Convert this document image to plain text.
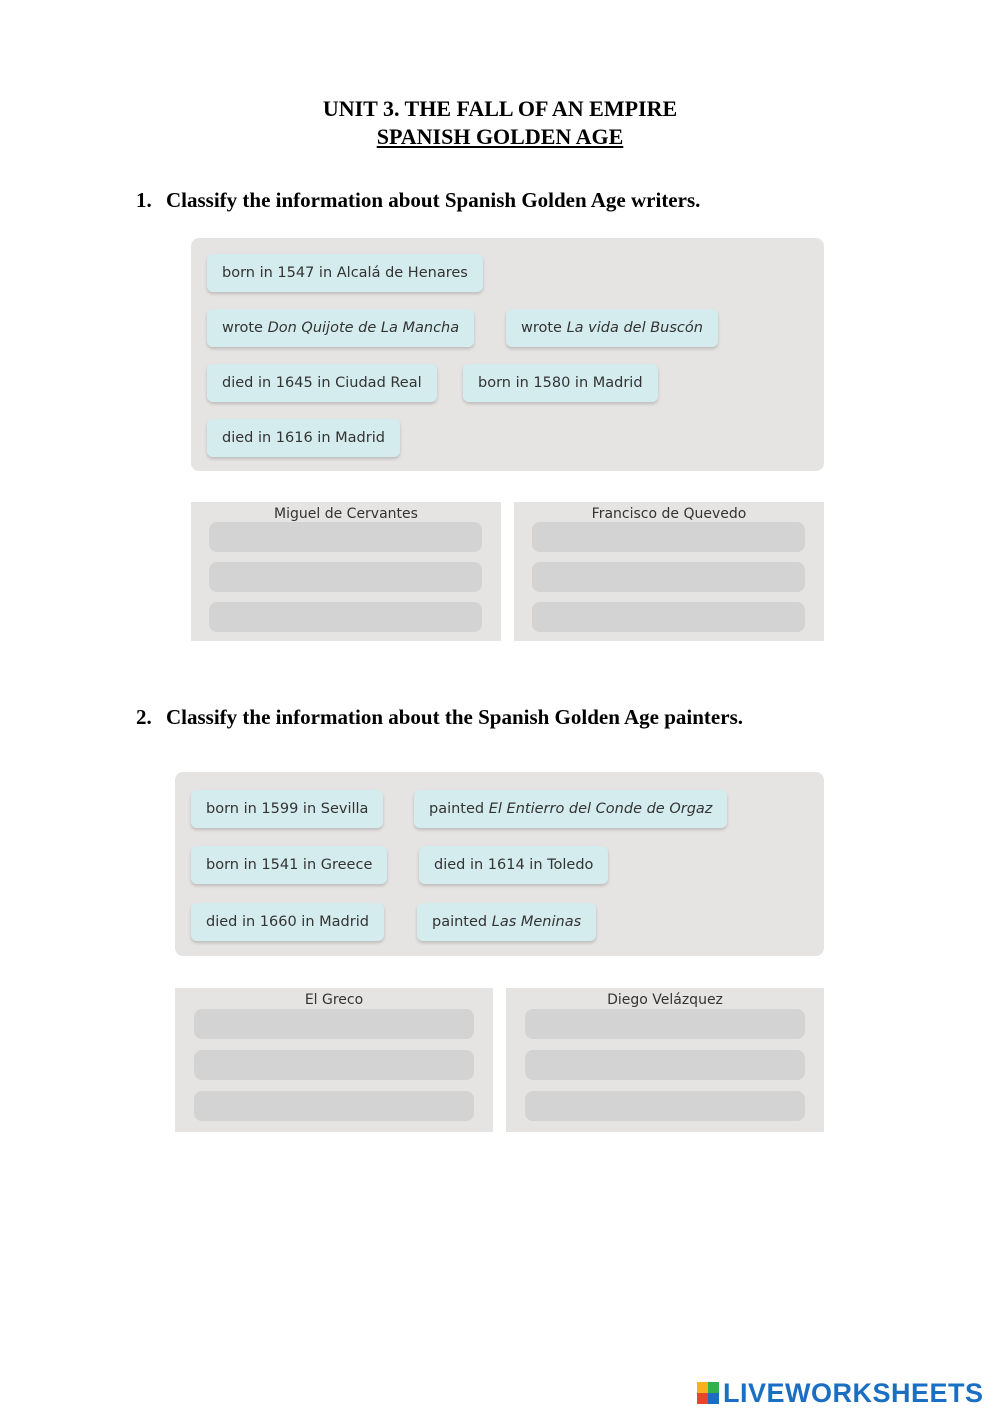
UNIT 3. THE FALL OF AN EMPIRE
SPANISH GOLDEN AGE
1. Classify the information about Spanish Golden Age writers.
born in 1547 in Alcalá de Henares
wrote Don Quijote de La Mancha	wrote La vida del Buscón
died in 1645 in Ciudad Real	born in 1580 in Madrid
died in 1616 in Madrid
Miguel de Cervantes	Francisco de Quevedo
2. Classify the information about the Spanish Golden Age painters.
born in 1599 in Sevilla	painted El Entierro del Conde de Orgaz
born in 1541 in Greece	died in 1614 in Toledo
died in 1660 in Madrid	painted Las Meninas
El Greco	Diego Velázquez
LIVEWORKSHEETS
